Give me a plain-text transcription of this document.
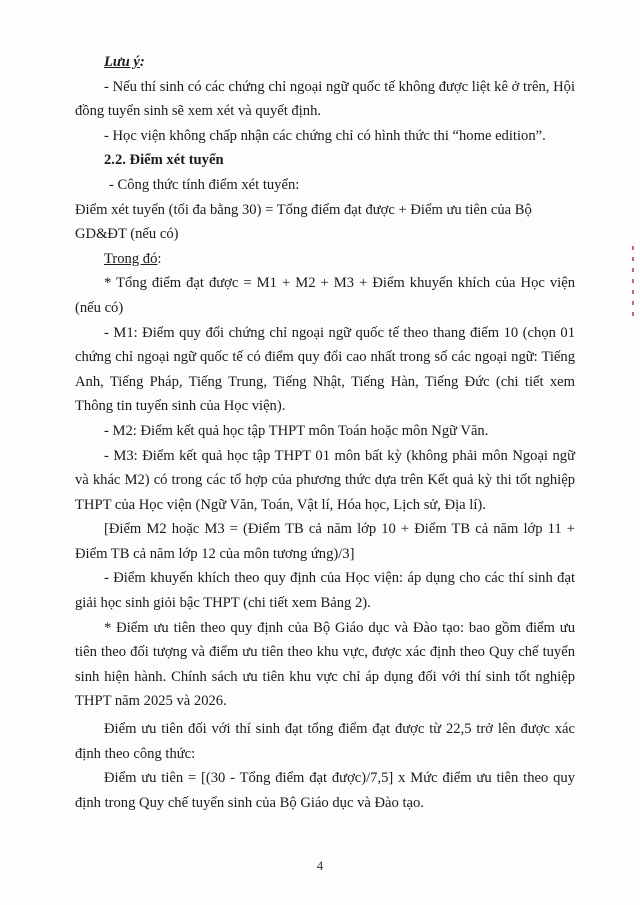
· · · ·

Lưu ý:

- Nếu thí sinh có các chứng chỉ ngoại ngữ quốc tế không được liệt kê ở trên, Hội đồng tuyển sinh sẽ xem xét và quyết định.

- Học viện không chấp nhận các chứng chỉ có hình thức thi “home edition”.

2.2. Điểm xét tuyển

- Công thức tính điểm xét tuyển:

Điểm xét tuyển (tối đa bằng 30) = Tổng điểm đạt được + Điểm ưu tiên của Bộ GD&ĐT (nếu có)

Trong đó:

* Tổng điểm đạt được = M1 + M2 + M3 + Điểm khuyến khích của Học viện (nếu có)

- M1: Điểm quy đổi chứng chỉ ngoại ngữ quốc tế theo thang điểm 10 (chọn 01 chứng chỉ ngoại ngữ quốc tế có điểm quy đổi cao nhất trong số các ngoại ngữ: Tiếng Anh, Tiếng Pháp, Tiếng Trung, Tiếng Nhật, Tiếng Hàn, Tiếng Đức (chi tiết xem Thông tin tuyển sinh của Học viện).

- M2: Điểm kết quả học tập THPT môn Toán hoặc môn Ngữ Văn.

- M3: Điểm kết quả học tập THPT 01 môn bất kỳ (không phải môn Ngoại ngữ và khác M2) có trong các tổ hợp của phương thức dựa trên Kết quả kỳ thi tốt nghiệp THPT của Học viện (Ngữ Văn, Toán, Vật lí, Hóa học, Lịch sử, Địa lí).

[Điểm M2 hoặc M3 = (Điểm TB cả năm lớp 10 + Điểm TB cả năm lớp 11 + Điểm TB cả năm lớp 12 của môn tương ứng)/3]

- Điểm khuyến khích theo quy định của Học viện: áp dụng cho các thí sinh đạt giải học sinh giỏi bậc THPT (chi tiết xem Bảng 2).

* Điểm ưu tiên theo quy định của Bộ Giáo dục và Đào tạo: bao gồm điểm ưu tiên theo đối tượng và điểm ưu tiên theo khu vực, được xác định theo Quy chế tuyển sinh hiện hành. Chính sách ưu tiên khu vực chỉ áp dụng đối với thí sinh tốt nghiệp THPT năm 2025 và 2026.

Điểm ưu tiên đối với thí sinh đạt tổng điểm đạt được từ 22,5 trở lên được xác định theo công thức:

Điểm ưu tiên = [(30 - Tổng điểm đạt được)/7,5] x Mức điểm ưu tiên theo quy định trong Quy chế tuyển sinh của Bộ Giáo dục và Đào tạo.

4
